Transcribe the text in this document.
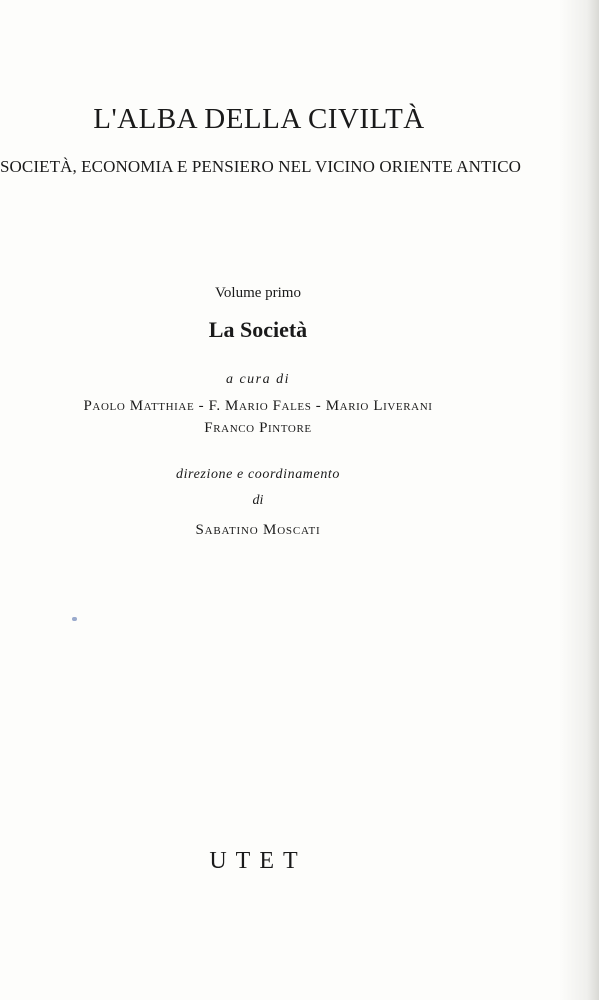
L'ALBA DELLA CIVILTÀ
SOCIETÀ, ECONOMIA E PENSIERO NEL VICINO ORIENTE ANTICO
Volume primo
La Società
a cura di
Paolo Matthiae - F. Mario Fales - Mario Liverani
Franco Pintore
direzione e coordinamento
di
Sabatino Moscati
UTET
